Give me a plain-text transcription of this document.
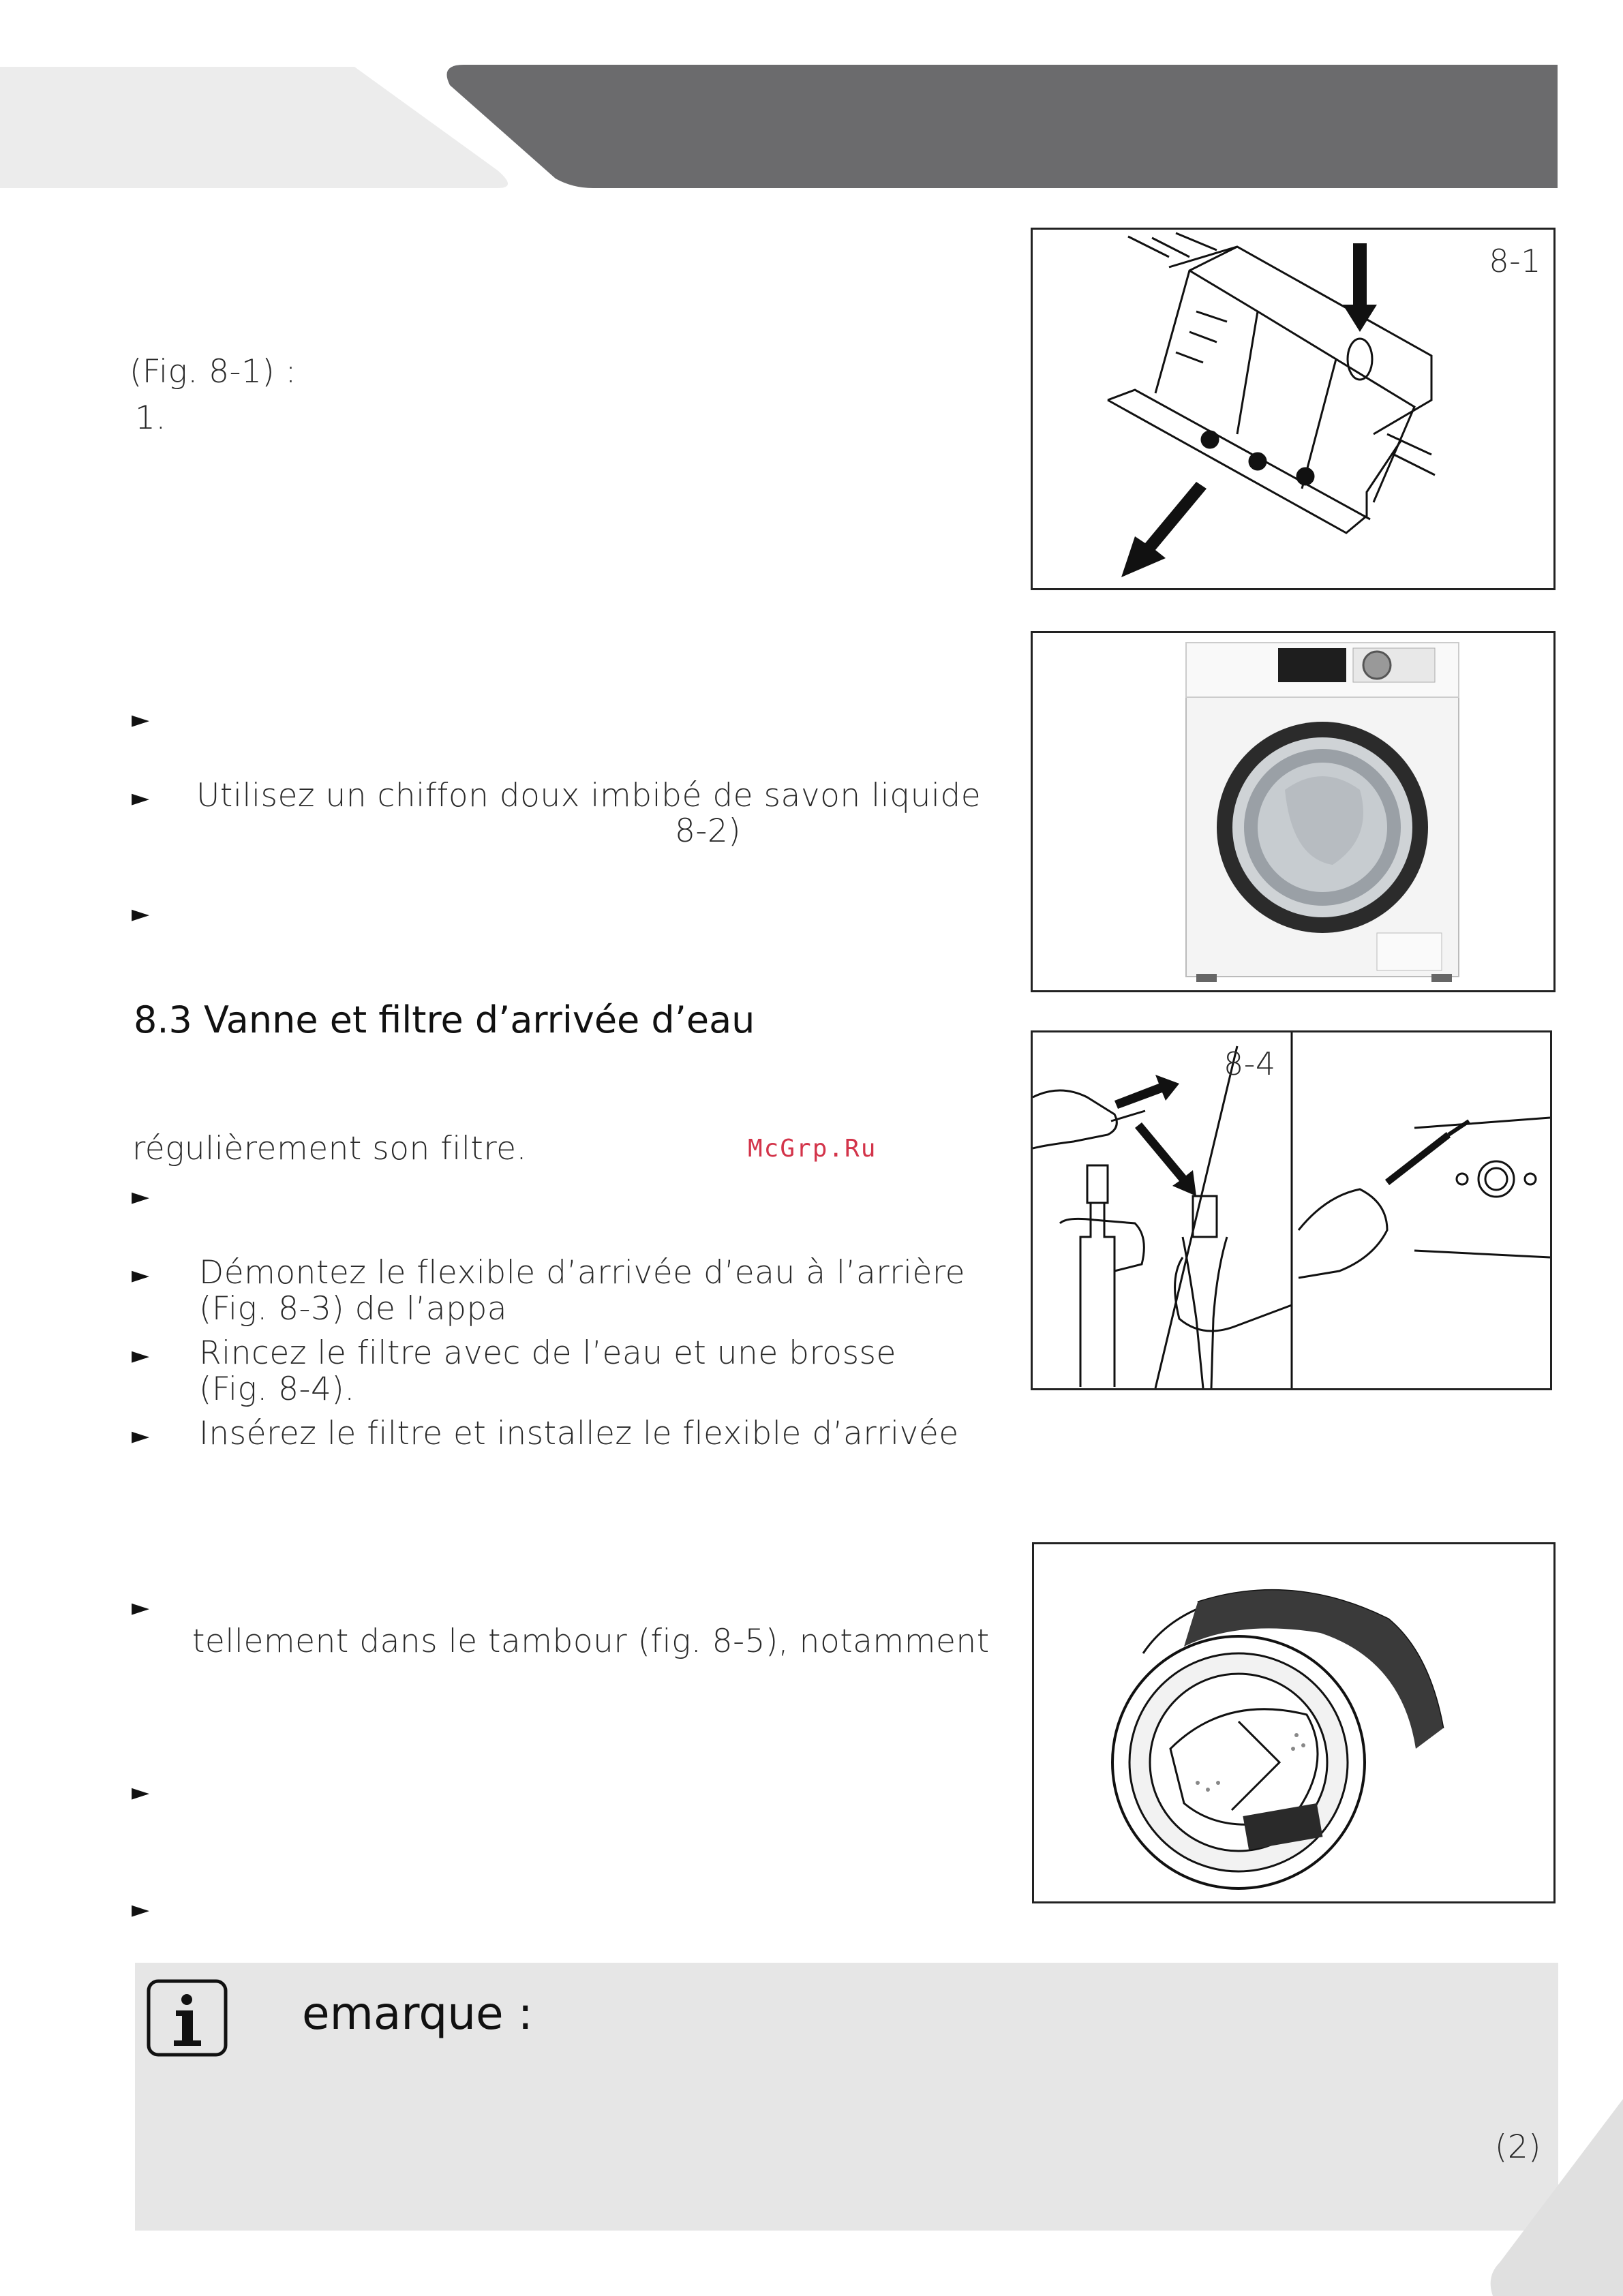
(Fig. 8-1) :
1.
8-1
►
► Utilisez un chiffon doux imbibé de savon liquide
8-2)
►
8.3 Vanne et filtre d’arrivée d’eau
régulièrement son filtre.	McGrp.Ru
►
► Démontez le flexible d’arrivée d’eau à l’arrière
(Fig. 8-3) de l’appa
► Rincez le filtre avec de l’eau et une brosse
(Fig. 8-4).
► Insérez le filtre et installez le flexible d’arrivée
8-4
►
tellement dans le tambour (fig. 8-5), notamment
►
►
emarque :
(2)
